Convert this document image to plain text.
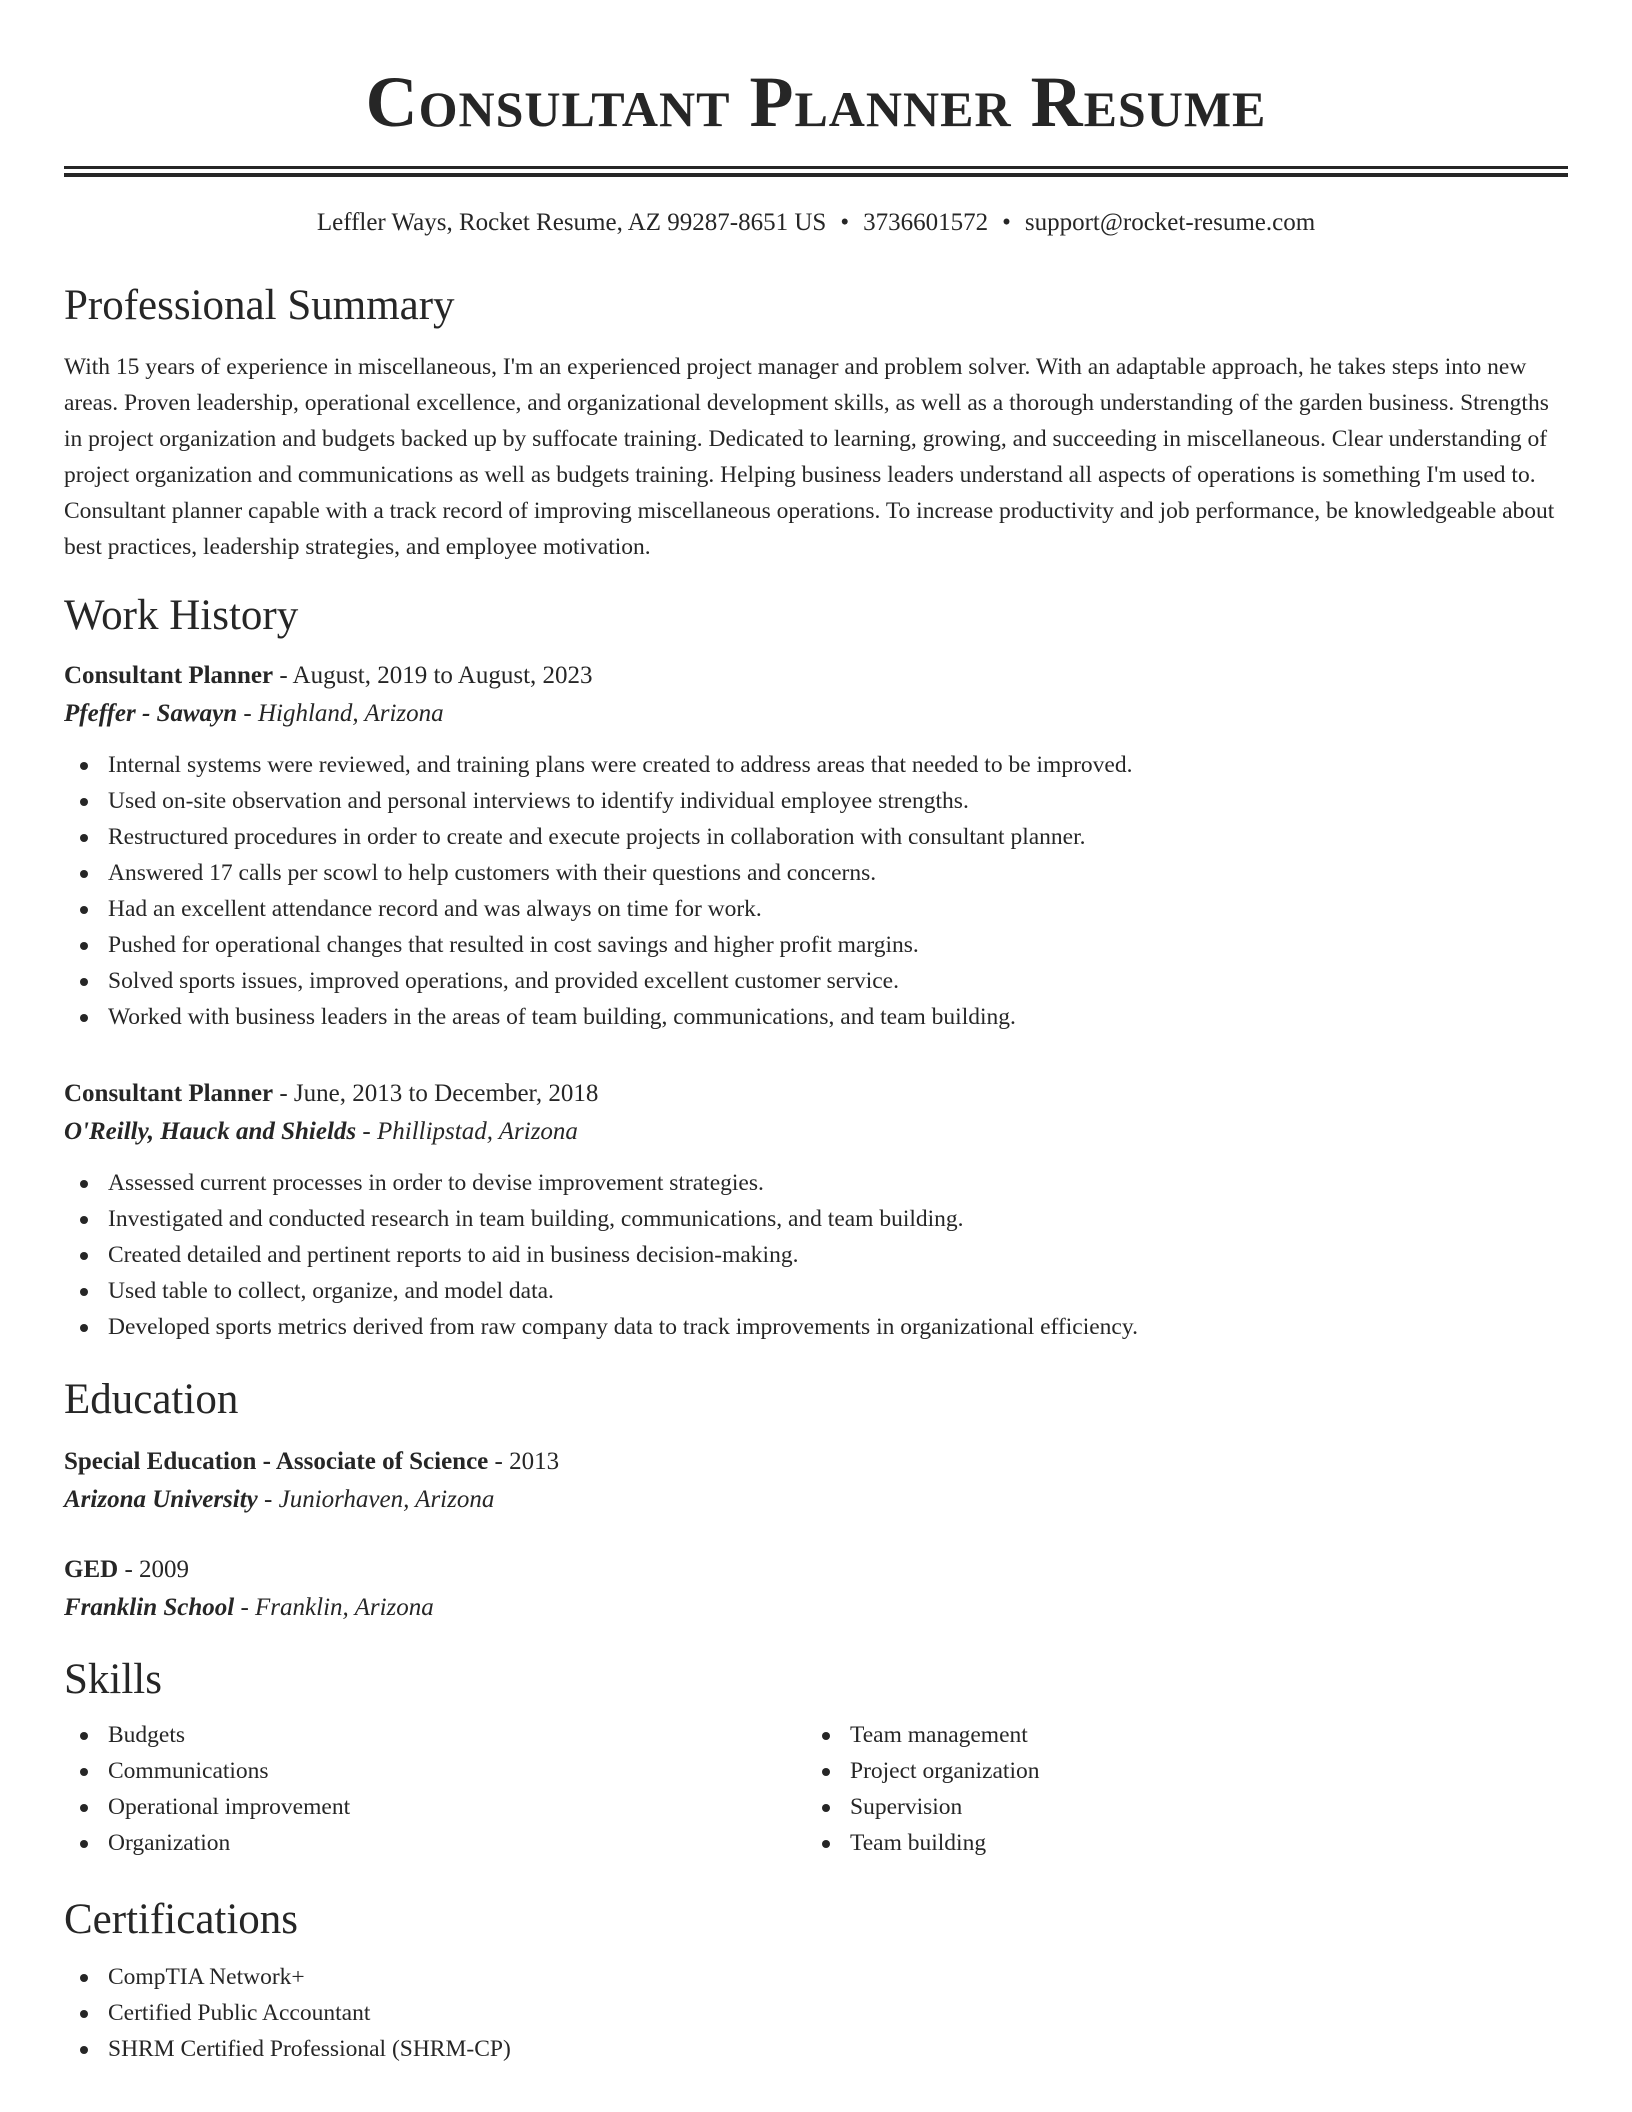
Consultant Planner Resume
Leffler Ways, Rocket Resume, AZ 99287-8651 US • 3736601572 • support@rocket-resume.com
Professional Summary
With 15 years of experience in miscellaneous, I'm an experienced project manager and problem solver. With an adaptable approach, he takes steps into new areas. Proven leadership, operational excellence, and organizational development skills, as well as a thorough understanding of the garden business. Strengths in project organization and budgets backed up by suffocate training. Dedicated to learning, growing, and succeeding in miscellaneous. Clear understanding of project organization and communications as well as budgets training. Helping business leaders understand all aspects of operations is something I'm used to. Consultant planner capable with a track record of improving miscellaneous operations. To increase productivity and job performance, be knowledgeable about best practices, leadership strategies, and employee motivation.
Work History
Consultant Planner - August, 2019 to August, 2023
Pfeffer - Sawayn - Highland, Arizona
Internal systems were reviewed, and training plans were created to address areas that needed to be improved.
Used on-site observation and personal interviews to identify individual employee strengths.
Restructured procedures in order to create and execute projects in collaboration with consultant planner.
Answered 17 calls per scowl to help customers with their questions and concerns.
Had an excellent attendance record and was always on time for work.
Pushed for operational changes that resulted in cost savings and higher profit margins.
Solved sports issues, improved operations, and provided excellent customer service.
Worked with business leaders in the areas of team building, communications, and team building.
Consultant Planner - June, 2013 to December, 2018
O'Reilly, Hauck and Shields - Phillipstad, Arizona
Assessed current processes in order to devise improvement strategies.
Investigated and conducted research in team building, communications, and team building.
Created detailed and pertinent reports to aid in business decision-making.
Used table to collect, organize, and model data.
Developed sports metrics derived from raw company data to track improvements in organizational efficiency.
Education
Special Education - Associate of Science - 2013
Arizona University - Juniorhaven, Arizona
GED - 2009
Franklin School - Franklin, Arizona
Skills
Budgets
Communications
Operational improvement
Organization
Team management
Project organization
Supervision
Team building
Certifications
CompTIA Network+
Certified Public Accountant
SHRM Certified Professional (SHRM-CP)
